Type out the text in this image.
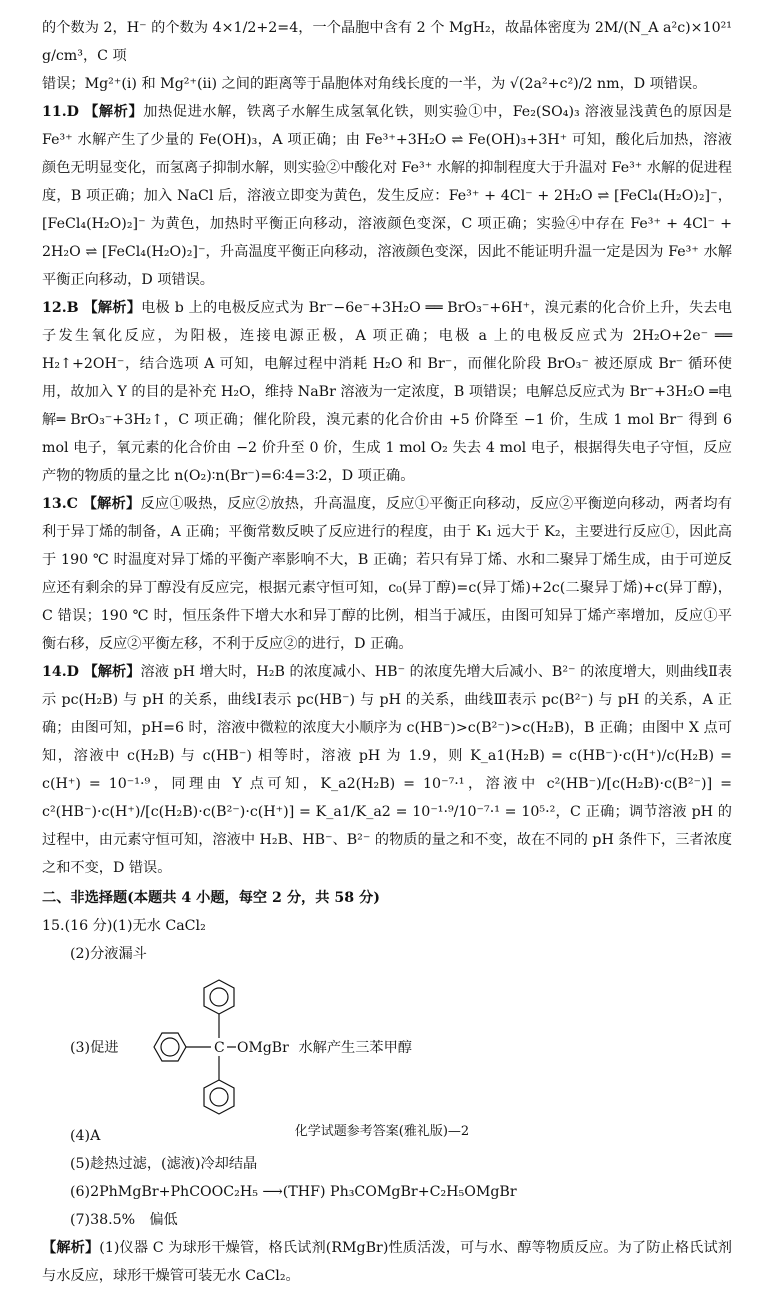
的个数为 2，H⁻ 的个数为 4×1/2+2=4，一个晶胞中含有 2 个 MgH₂，故晶体密度为 2M/(N_A a²c)×10²¹ g/cm³，C 项

错误；Mg²⁺(ⅰ) 和 Mg²⁺(ⅱ) 之间的距离等于晶胞体对角线长度的一半，为 √(2a²+c²)/2 nm，D 项错误。

11.D 【解析】加热促进水解，铁离子水解生成氢氧化铁，则实验①中，Fe₂(SO₄)₃ 溶液显浅黄色的原因是 Fe³⁺ 水解产生了少量的 Fe(OH)₃，A 项正确；由 Fe³⁺+3H₂O ⇌ Fe(OH)₃+3H⁺ 可知，酸化后加热，溶液颜色无明显变化，而氢离子抑制水解，则实验②中酸化对 Fe³⁺ 水解的抑制程度大于升温对 Fe³⁺ 水解的促进程度，B 项正确；加入 NaCl 后，溶液立即变为黄色，发生反应：Fe³⁺ + 4Cl⁻ + 2H₂O ⇌ [FeCl₄(H₂O)₂]⁻，[FeCl₄(H₂O)₂]⁻ 为黄色，加热时平衡正向移动，溶液颜色变深，C 项正确；实验④中存在 Fe³⁺ + 4Cl⁻ + 2H₂O ⇌ [FeCl₄(H₂O)₂]⁻，升高温度平衡正向移动，溶液颜色变深，因此不能证明升温一定是因为 Fe³⁺ 水解平衡正向移动，D 项错误。
12.B 【解析】电极 b 上的电极反应式为 Br⁻−6e⁻+3H₂O ══ BrO₃⁻+6H⁺，溴元素的化合价上升，失去电子发生氧化反应，为阳极，连接电源正极，A 项正确；电极 a 上的电极反应式为 2H₂O+2e⁻ ══ H₂↑+2OH⁻，结合选项 A 可知，电解过程中消耗 H₂O 和 Br⁻，而催化阶段 BrO₃⁻ 被还原成 Br⁻ 循环使用，故加入 Y 的目的是补充 H₂O，维持 NaBr 溶液为一定浓度，B 项错误；电解总反应式为 Br⁻+3H₂O ═电解═ BrO₃⁻+3H₂↑，C 项正确；催化阶段，溴元素的化合价由 +5 价降至 −1 价，生成 1 mol Br⁻ 得到 6 mol 电子，氧元素的化合价由 −2 价升至 0 价，生成 1 mol O₂ 失去 4 mol 电子，根据得失电子守恒，反应产物的物质的量之比 n(O₂)∶n(Br⁻)=6∶4=3∶2，D 项正确。
13.C 【解析】反应①吸热，反应②放热，升高温度，反应①平衡正向移动，反应②平衡逆向移动，两者均有利于异丁烯的制备，A 正确；平衡常数反映了反应进行的程度，由于 K₁ 远大于 K₂，主要进行反应①，因此高于 190 ℃ 时温度对异丁烯的平衡产率影响不大，B 正确；若只有异丁烯、水和二聚异丁烯生成，由于可逆反应还有剩余的异丁醇没有反应完，根据元素守恒可知，c₀(异丁醇)=c(异丁烯)+2c(二聚异丁烯)+c(异丁醇)，C 错误；190 ℃ 时，恒压条件下增大水和异丁醇的比例，相当于减压，由图可知异丁烯产率增加，反应①平衡右移，反应②平衡左移，不利于反应②的进行，D 正确。
14.D 【解析】溶液 pH 增大时，H₂B 的浓度减小、HB⁻ 的浓度先增大后减小、B²⁻ 的浓度增大，则曲线Ⅱ表示 pc(H₂B) 与 pH 的关系，曲线Ⅰ表示 pc(HB⁻) 与 pH 的关系，曲线Ⅲ表示 pc(B²⁻) 与 pH 的关系，A 正确；由图可知，pH=6 时，溶液中微粒的浓度大小顺序为 c(HB⁻)>c(B²⁻)>c(H₂B)，B 正确；由图中 X 点可知，溶液中 c(H₂B) 与 c(HB⁻) 相等时，溶液 pH 为 1.9，则 K_a1(H₂B) = c(HB⁻)·c(H⁺)/c(H₂B) = c(H⁺) = 10⁻¹·⁹，同理由 Y 点可知，K_a2(H₂B) = 10⁻⁷·¹，溶液中 c²(HB⁻)/[c(H₂B)·c(B²⁻)] = c²(HB⁻)·c(H⁺)/[c(H₂B)·c(B²⁻)·c(H⁺)] = K_a1/K_a2 = 10⁻¹·⁹/10⁻⁷·¹ = 10⁵·²，C 正确；调节溶液 pH 的过程中，由元素守恒可知，溶液中 H₂B、HB⁻、B²⁻ 的物质的量之和不变，故在不同的 pH 条件下，三者浓度之和不变，D 错误。

二、非选择题(本题共 4 小题，每空 2 分，共 58 分)

15.(16 分)(1)无水 CaCl₂

(2)分液漏斗

(3)促进	C OMgBr 水解产生三苯甲醇

(4)A

(5)趁热过滤，(滤液)冷却结晶

(6)2PhMgBr+PhCOOC₂H₅ ⟶(THF) Ph₃COMgBr+C₂H₅OMgBr

(7)38.5%　偏低

【解析】(1)仪器 C 为球形干燥管，格氏试剂(RMgBr)性质活泼，可与水、醇等物质反应。为了防止格氏试剂与水反应，球形干燥管可装无水 CaCl₂。
化学试题参考答案(雅礼版)—2
